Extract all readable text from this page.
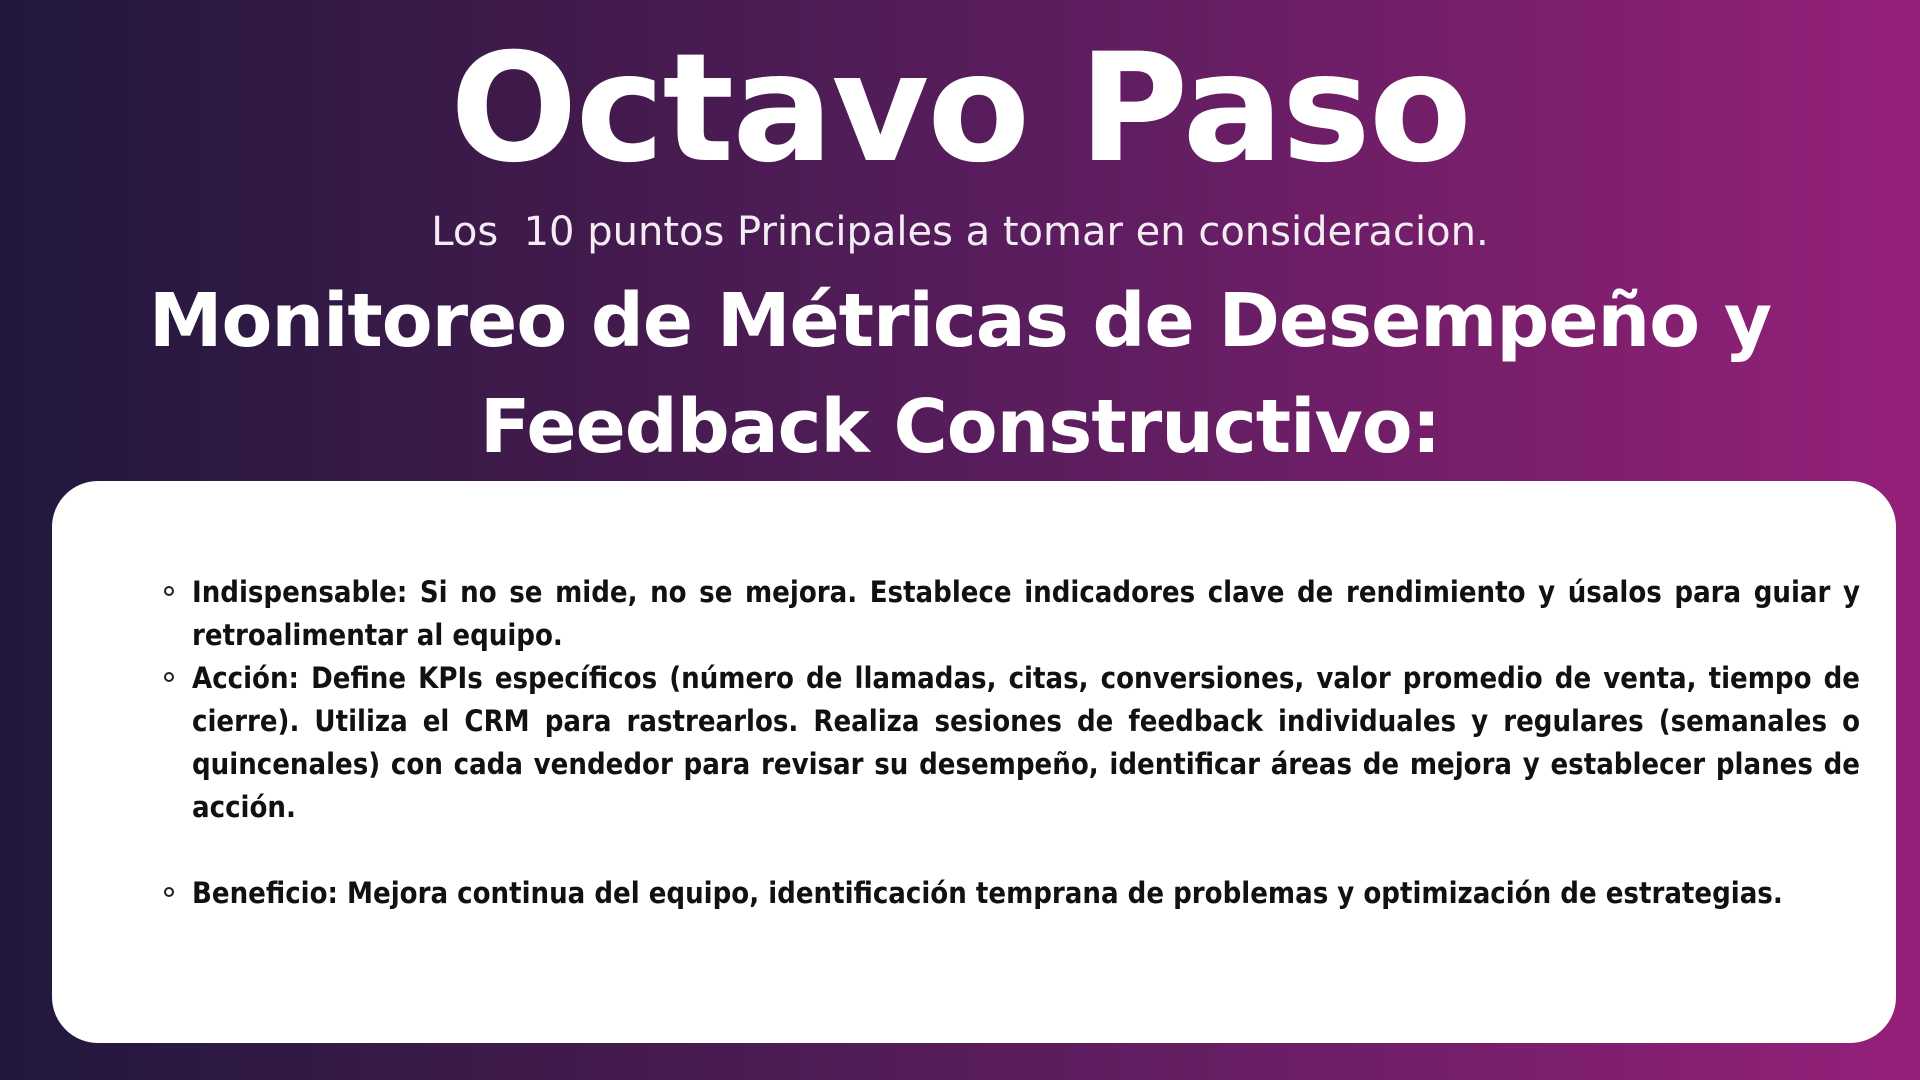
Octavo Paso

Los  10 puntos Principales a tomar en consideracion.

Monitoreo de Métricas de Desempeño y Feedback Constructivo:
Indispensable: Si no se mide, no se mejora. Establece indicadores clave de rendimiento y úsalos para guiar y retroalimentar al equipo.
Acción: Define KPIs específicos (número de llamadas, citas, conversiones, valor promedio de venta, tiempo de cierre). Utiliza el CRM para rastrearlos. Realiza sesiones de feedback individuales y regulares (semanales o quincenales) con cada vendedor para revisar su desempeño, identificar áreas de mejora y establecer planes de acción.
Beneficio: Mejora continua del equipo, identificación temprana de problemas y optimización de estrategias.
